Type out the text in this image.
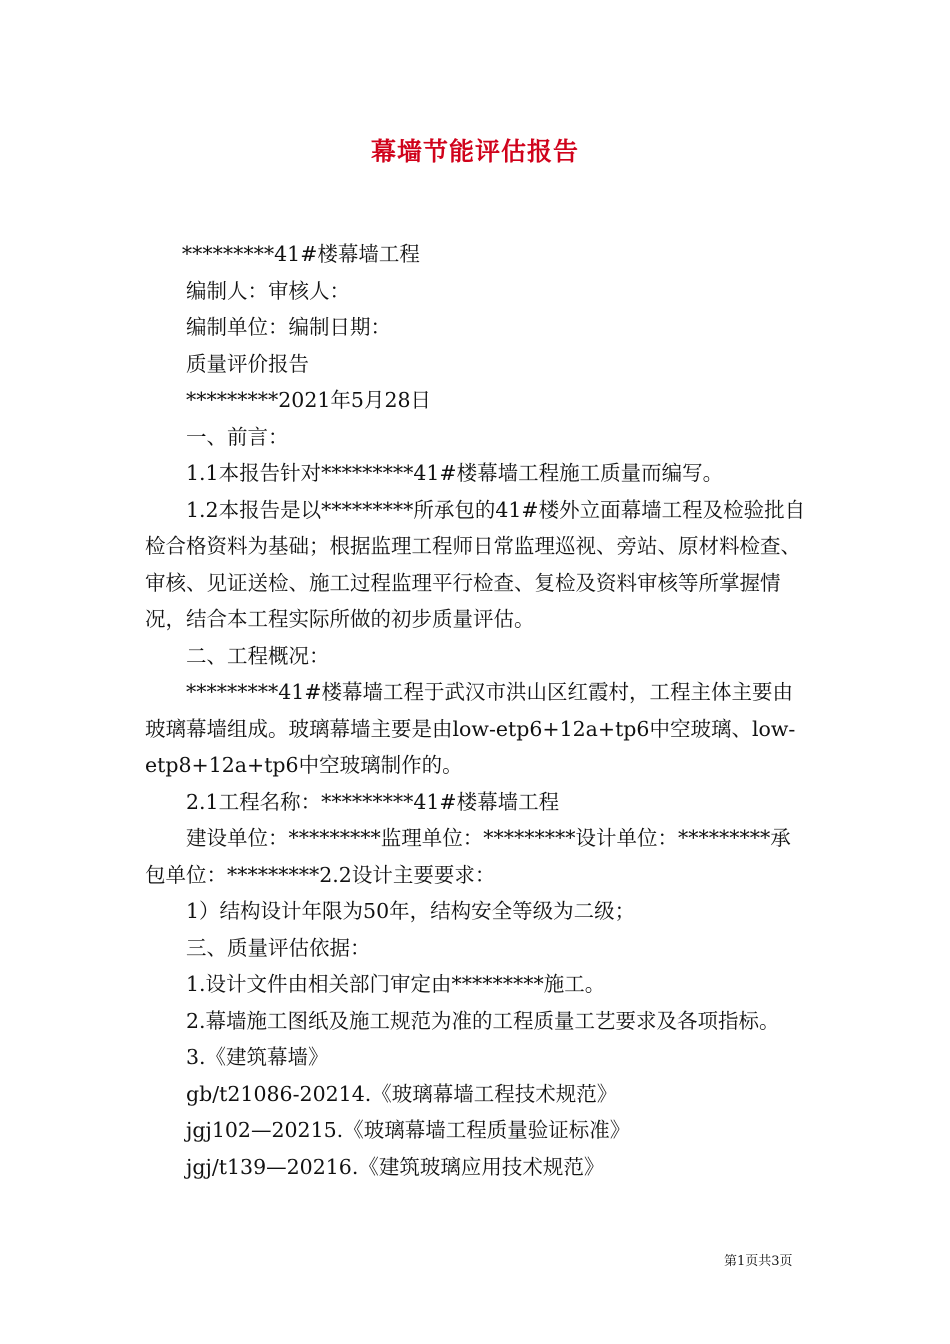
幕墙节能评估报告

*********41#楼幕墙工程

编制人：审核人：

编制单位：编制日期：

质量评价报告

*********2021年5月28日

一、前言：

1.1本报告针对*********41#楼幕墙工程施工质量而编写。

1.2本报告是以*********所承包的41#楼外立面幕墙工程及检验批自检合格资料为基础；根据监理工程师日常监理巡视、旁站、原材料检查、审核、见证送检、施工过程监理平行检查、复检及资料审核等所掌握情况，结合本工程实际所做的初步质量评估。

二、工程概况：

*********41#楼幕墙工程于武汉市洪山区红霞村，工程主体主要由玻璃幕墙组成。玻璃幕墙主要是由low-etp6+12a+tp6中空玻璃、low-etp8+12a+tp6中空玻璃制作的。

2.1工程名称：*********41#楼幕墙工程

建设单位：*********监理单位：*********设计单位：*********承包单位：*********2.2设计主要要求：

1）结构设计年限为50年，结构安全等级为二级；

三、质量评估依据：

1.设计文件由相关部门审定由*********施工。

2.幕墙施工图纸及施工规范为准的工程质量工艺要求及各项指标。

3.《建筑幕墙》

gb/t21086-20214.《玻璃幕墙工程技术规范》

jgj102—20215.《玻璃幕墙工程质量验证标准》

jgj/t139—20216.《建筑玻璃应用技术规范》

第1页共3页
